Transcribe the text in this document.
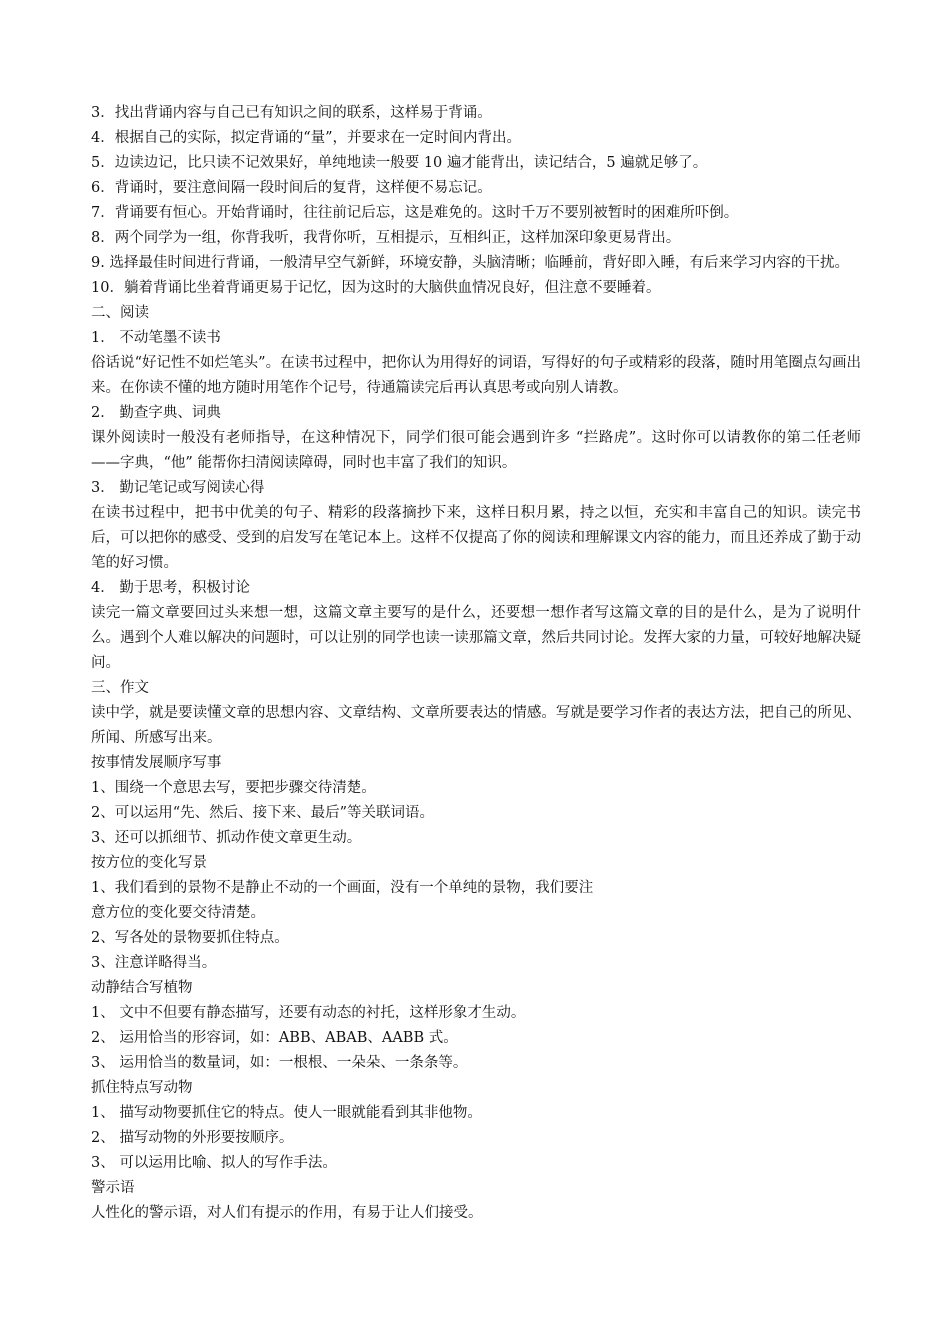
3．找出背诵内容与自己已有知识之间的联系，这样易于背诵。
4．根据自己的实际，拟定背诵的“量”，并要求在一定时间内背出。
5．边读边记，比只读不记效果好，单纯地读一般要 10 遍才能背出，读记结合，5 遍就足够了。
6．背诵时，要注意间隔一段时间后的复背，这样便不易忘记。
7．背诵要有恒心。开始背诵时，往往前记后忘，这是难免的。这时千万不要别被暂时的困难所吓倒。
8．两个同学为一组，你背我听，我背你听，互相提示，互相纠正，这样加深印象更易背出。
9. 选择最佳时间进行背诵，一般清早空气新鲜，环境安静，头脑清晰；临睡前，背好即入睡，有后来学习内容的干扰。
10．躺着背诵比坐着背诵更易于记忆，因为这时的大脑供血情况良好，但注意不要睡着。
二、阅读
1． 不动笔墨不读书
俗话说“好记性不如烂笔头”。在读书过程中，把你认为用得好的词语，写得好的句子或精彩的段落，随时用笔圈点勾画出来。在你读不懂的地方随时用笔作个记号，待通篇读完后再认真思考或向别人请教。
2． 勤查字典、词典
课外阅读时一般没有老师指导，在这种情况下，同学们很可能会遇到许多 “拦路虎”。这时你可以请教你的第二任老师——字典，“他” 能帮你扫清阅读障碍，同时也丰富了我们的知识。
3． 勤记笔记或写阅读心得
在读书过程中，把书中优美的句子、精彩的段落摘抄下来，这样日积月累，持之以恒，充实和丰富自己的知识。读完书后，可以把你的感受、受到的启发写在笔记本上。这样不仅提高了你的阅读和理解课文内容的能力，而且还养成了勤于动笔的好习惯。
4． 勤于思考，积极讨论
读完一篇文章要回过头来想一想，这篇文章主要写的是什么，还要想一想作者写这篇文章的目的是什么，是为了说明什么。遇到个人难以解决的问题时，可以让别的同学也读一读那篇文章，然后共同讨论。发挥大家的力量，可较好地解决疑问。
三、作文
读中学，就是要读懂文章的思想内容、文章结构、文章所要表达的情感。写就是要学习作者的表达方法，把自己的所见、所闻、所感写出来。
按事情发展顺序写事
1、围绕一个意思去写，要把步骤交待清楚。
2、可以运用“先、然后、接下来、最后”等关联词语。
3、还可以抓细节、抓动作使文章更生动。
按方位的变化写景
1、我们看到的景物不是静止不动的一个画面，没有一个单纯的景物，我们要注
意方位的变化要交待清楚。
2、写各处的景物要抓住特点。
3、注意详略得当。
动静结合写植物
1、 文中不但要有静态描写，还要有动态的衬托，这样形象才生动。
2、 运用恰当的形容词，如：ABB、ABAB、AABB 式。
3、 运用恰当的数量词，如：一根根、一朵朵、一条条等。
抓住特点写动物
1、 描写动物要抓住它的特点。使人一眼就能看到其非他物。
2、 描写动物的外形要按顺序。
3、 可以运用比喻、拟人的写作手法。
警示语
人性化的警示语，对人们有提示的作用，有易于让人们接受。
